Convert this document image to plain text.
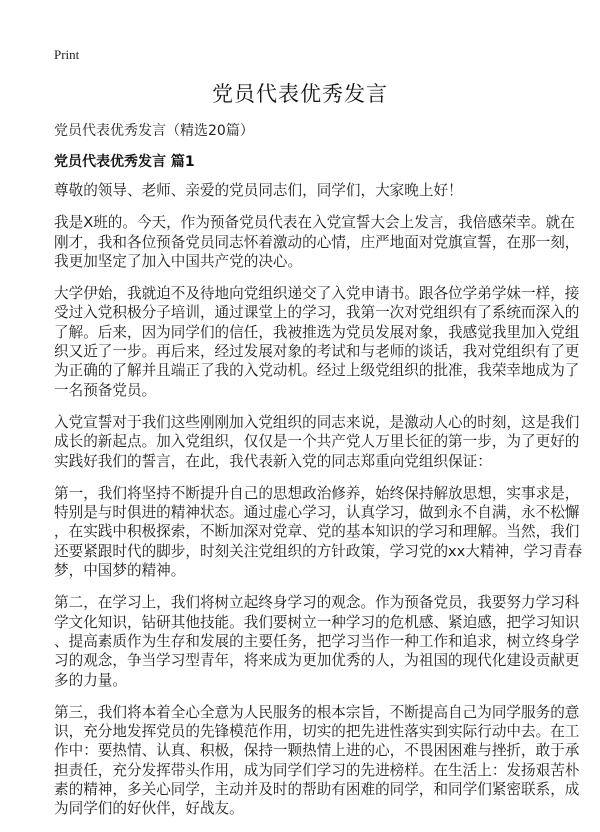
Print
党员代表优秀发言

党员代表优秀发言（精选20篇）

党员代表优秀发言 篇1

尊敬的领导、老师、亲爱的党员同志们，同学们，大家晚上好！

我是X班的。今天，作为预备党员代表在入党宣誓大会上发言，我倍感荣幸。就在
刚才，我和各位预备党员同志怀着激动的心情，庄严地面对党旗宣誓，在那一刻，
我更加坚定了加入中国共产党的决心。

大学伊始，我就迫不及待地向党组织递交了入党申请书。跟各位学弟学妹一样，接
受过入党积极分子培训，通过课堂上的学习，我第一次对党组织有了系统而深入的
了解。后来，因为同学们的信任，我被推选为党员发展对象，我感觉我里加入党组
织又近了一步。再后来，经过发展对象的考试和与老师的谈话，我对党组织有了更
为正确的了解并且端正了我的入党动机。经过上级党组织的批准，我荣幸地成为了
一名预备党员。

入党宣誓对于我们这些刚刚加入党组织的同志来说，是激动人心的时刻，这是我们
成长的新起点。加入党组织，仅仅是一个共产党人万里长征的第一步，为了更好的
实践好我们的誓言，在此，我代表新入党的同志郑重向党组织保证：

第一，我们将坚持不断提升自己的思想政治修养，始终保持解放思想，实事求是，
特别是与时俱进的精神状态。通过虚心学习，认真学习，做到永不自满，永不松懈
，在实践中积极探索，不断加深对党章、党的基本知识的学习和理解。当然，我们
还要紧跟时代的脚步，时刻关注党组织的方针政策，学习党的xx大精神，学习青春
梦，中国梦的精神。

第二，在学习上，我们将树立起终身学习的观念。作为预备党员，我要努力学习科
学文化知识，钻研其他技能。我们要树立一种学习的危机感、紧迫感，把学习知识
、提高素质作为生存和发展的主要任务，把学习当作一种工作和追求，树立终身学
习的观念，争当学习型青年，将来成为更加优秀的人，为祖国的现代化建设贡献更
多的力量。

第三，我们将本着全心全意为人民服务的根本宗旨，不断提高自己为同学服务的意
识，充分地发挥党员的先锋模范作用，切实的把先进性落实到实际行动中去。在工
作中：要热情、认真、积极，保持一颗热情上进的心，不畏困困难与挫折，敢于承
担责任，充分发挥带头作用，成为同学们学习的先进榜样。在生活上：发扬艰苦朴
素的精神，多关心同学，主动并及时的帮助有困难的同学，和同学们紧密联系，成
为同学们的好伙伴，好战友。
